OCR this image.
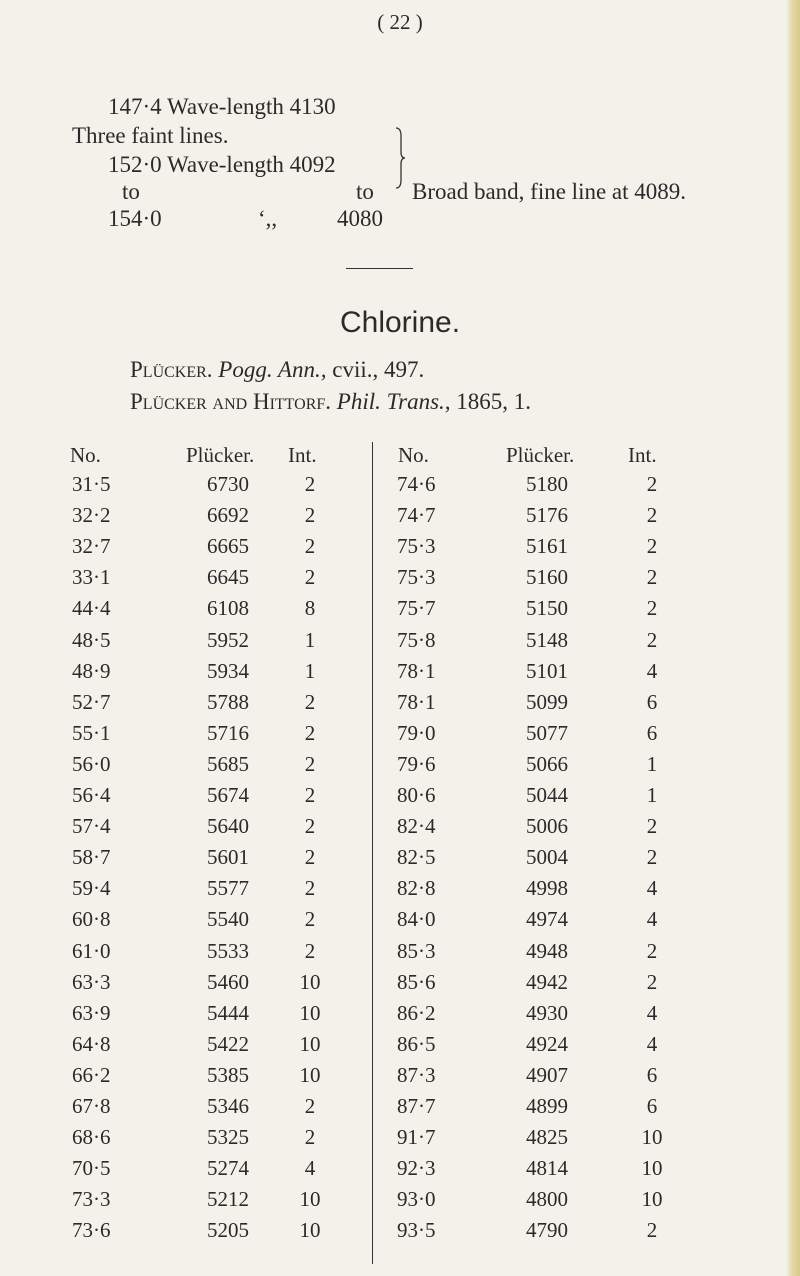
( 22 )
147·4 Wave-length 4130
Three faint lines.
152·0 Wave-length 4092
to	to
154·0	‘,,	4080
Broad band, fine line at 4089.
Chlorine.
Plücker. Pogg. Ann., cvii., 497.
Plücker and Hittorf. Phil. Trans., 1865, 1.
No.	Plücker. Int.	No.	Plücker.	Int.
31·5	6730	2
32·2	6692	2
32·7	6665	2
33·1	6645	2
44·4	6108	8
48·5	5952	1
48·9	5934	1
52·7	5788	2
55·1	5716	2
56·0	5685	2
56·4	5674	2
57·4	5640	2
58·7	5601	2
59·4	5577	2
60·8	5540	2
61·0	5533	2
63·3	5460	10
63·9	5444	10
64·8	5422	10
66·2	5385	10
67·8	5346	2
68·6	5325	2
70·5	5274	4
73·3	5212	10
73·6	5205	10
74·6	5180	2
74·7	5176	2
75·3	5161	2
75·3	5160	2
75·7	5150	2
75·8	5148	2
78·1	5101	4
78·1	5099	6
79·0	5077	6
79·6	5066	1
80·6	5044	1
82·4	5006	2
82·5	5004	2
82·8	4998	4
84·0	4974	4
85·3	4948	2
85·6	4942	2
86·2	4930	4
86·5	4924	4
87·3	4907	6
87·7	4899	6
91·7	4825	10
92·3	4814	10
93·0	4800	10
93·5	4790	2
